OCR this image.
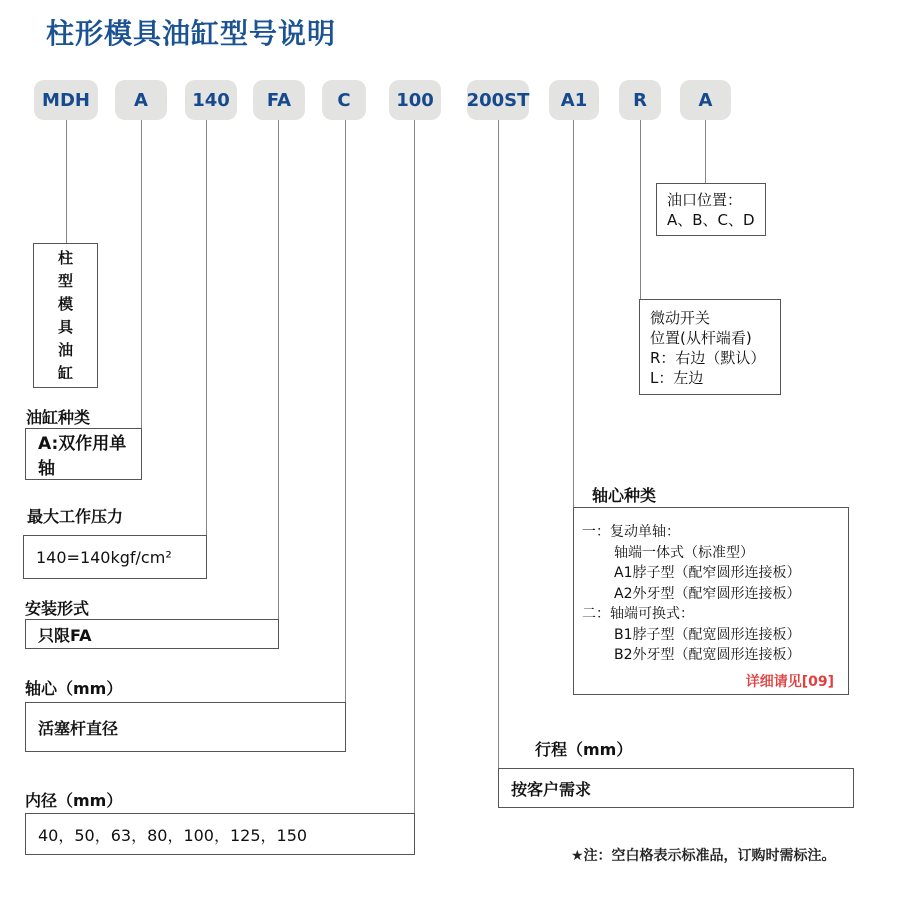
柱形模具油缸型号说明
MDH	A	140	FA	C	100	200ST	A1	R	A
柱型模具油缸
油缸种类
A:双作用单轴
最大工作压力
140=140kgf/cm²
安装形式
只限FA
轴心（mm）
活塞杆直径
内径（mm）
40，50，63，80，100，125，150
行程（mm）
按客户需求
油口位置：
A、B、C、D
微动开关
位置(从杆端看)
R：右边（默认）
L：左边
轴心种类
一：复动单轴：
轴端一体式（标准型）
A1脖子型（配窄圆形连接板）
A2外牙型（配窄圆形连接板）
二：轴端可换式：
B1脖子型（配宽圆形连接板）
B2外牙型（配宽圆形连接板）
详细请见[09]
★注：空白格表示标准品，订购时需标注。
